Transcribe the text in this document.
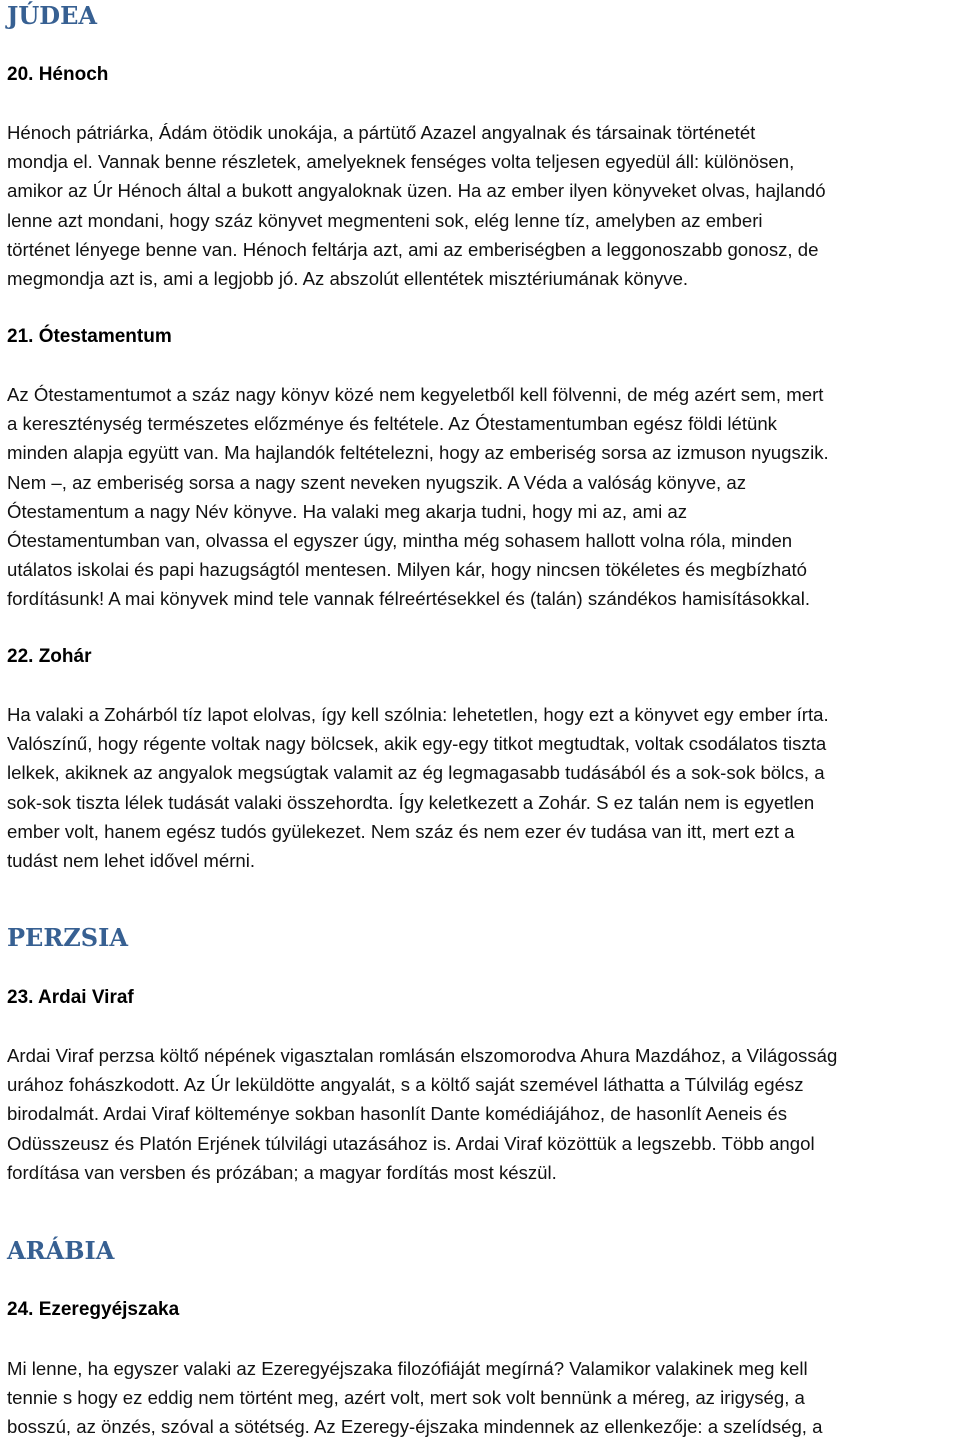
JÚDEA
20. Hénoch
Hénoch pátriárka, Ádám ötödik unokája, a pártütő Azazel angyalnak és társainak történetét
mondja el. Vannak benne részletek, amelyeknek fenséges volta teljesen egyedül áll: különösen,
amikor az Úr Hénoch által a bukott angyaloknak üzen. Ha az ember ilyen könyveket olvas, hajlandó
lenne azt mondani, hogy száz könyvet megmenteni sok, elég lenne tíz, amelyben az emberi
történet lényege benne van. Hénoch feltárja azt, ami az emberiségben a leggonoszabb gonosz, de
megmondja azt is, ami a legjobb jó. Az abszolút ellentétek misztériumának könyve.
21. Ótestamentum
Az Ótestamentumot a száz nagy könyv közé nem kegyeletből kell fölvenni, de még azért sem, mert
a kereszténység természetes előzménye és feltétele. Az Ótestamentumban egész földi létünk
minden alapja együtt van. Ma hajlandók feltételezni, hogy az emberiség sorsa az izmuson nyugszik.
Nem –, az emberiség sorsa a nagy szent neveken nyugszik. A Véda a valóság könyve, az
Ótestamentum a nagy Név könyve. Ha valaki meg akarja tudni, hogy mi az, ami az
Ótestamentumban van, olvassa el egyszer úgy, mintha még sohasem hallott volna róla, minden
utálatos iskolai és papi hazugságtól mentesen. Milyen kár, hogy nincsen tökéletes és megbízható
fordításunk! A mai könyvek mind tele vannak félreértésekkel és (talán) szándékos hamisításokkal.
22. Zohár
Ha valaki a Zohárból tíz lapot elolvas, így kell szólnia: lehetetlen, hogy ezt a könyvet egy ember írta.
Valószínű, hogy régente voltak nagy bölcsek, akik egy-egy titkot megtudtak, voltak csodálatos tiszta
lelkek, akiknek az angyalok megsúgtak valamit az ég legmagasabb tudásából és a sok-sok bölcs, a
sok-sok tiszta lélek tudását valaki összehordta. Így keletkezett a Zohár. S ez talán nem is egyetlen
ember volt, hanem egész tudós gyülekezet. Nem száz és nem ezer év tudása van itt, mert ezt a
tudást nem lehet idővel mérni.
PERZSIA
23. Ardai Viraf
Ardai Viraf perzsa költő népének vigasztalan romlásán elszomorodva Ahura Mazdához, a Világosság
urához fohászkodott. Az Úr leküldötte angyalát, s a költő saját szemével láthatta a Túlvilág egész
birodalmát. Ardai Viraf költeménye sokban hasonlít Dante komédiájához, de hasonlít Aeneis és
Odüsszeusz és Platón Erjének túlvilági utazásához is. Ardai Viraf közöttük a legszebb. Több angol
fordítása van versben és prózában; a magyar fordítás most készül.
ARÁBIA
24. Ezeregyéjszaka
Mi lenne, ha egyszer valaki az Ezeregyéjszaka filozófiáját megírná? Valamikor valakinek meg kell
tennie s hogy ez eddig nem történt meg, azért volt, mert sok volt bennünk a méreg, az irigység, a
bosszú, az önzés, szóval a sötétség. Az Ezeregy-éjszaka mindennek az ellenkezője: a szelídség, a
